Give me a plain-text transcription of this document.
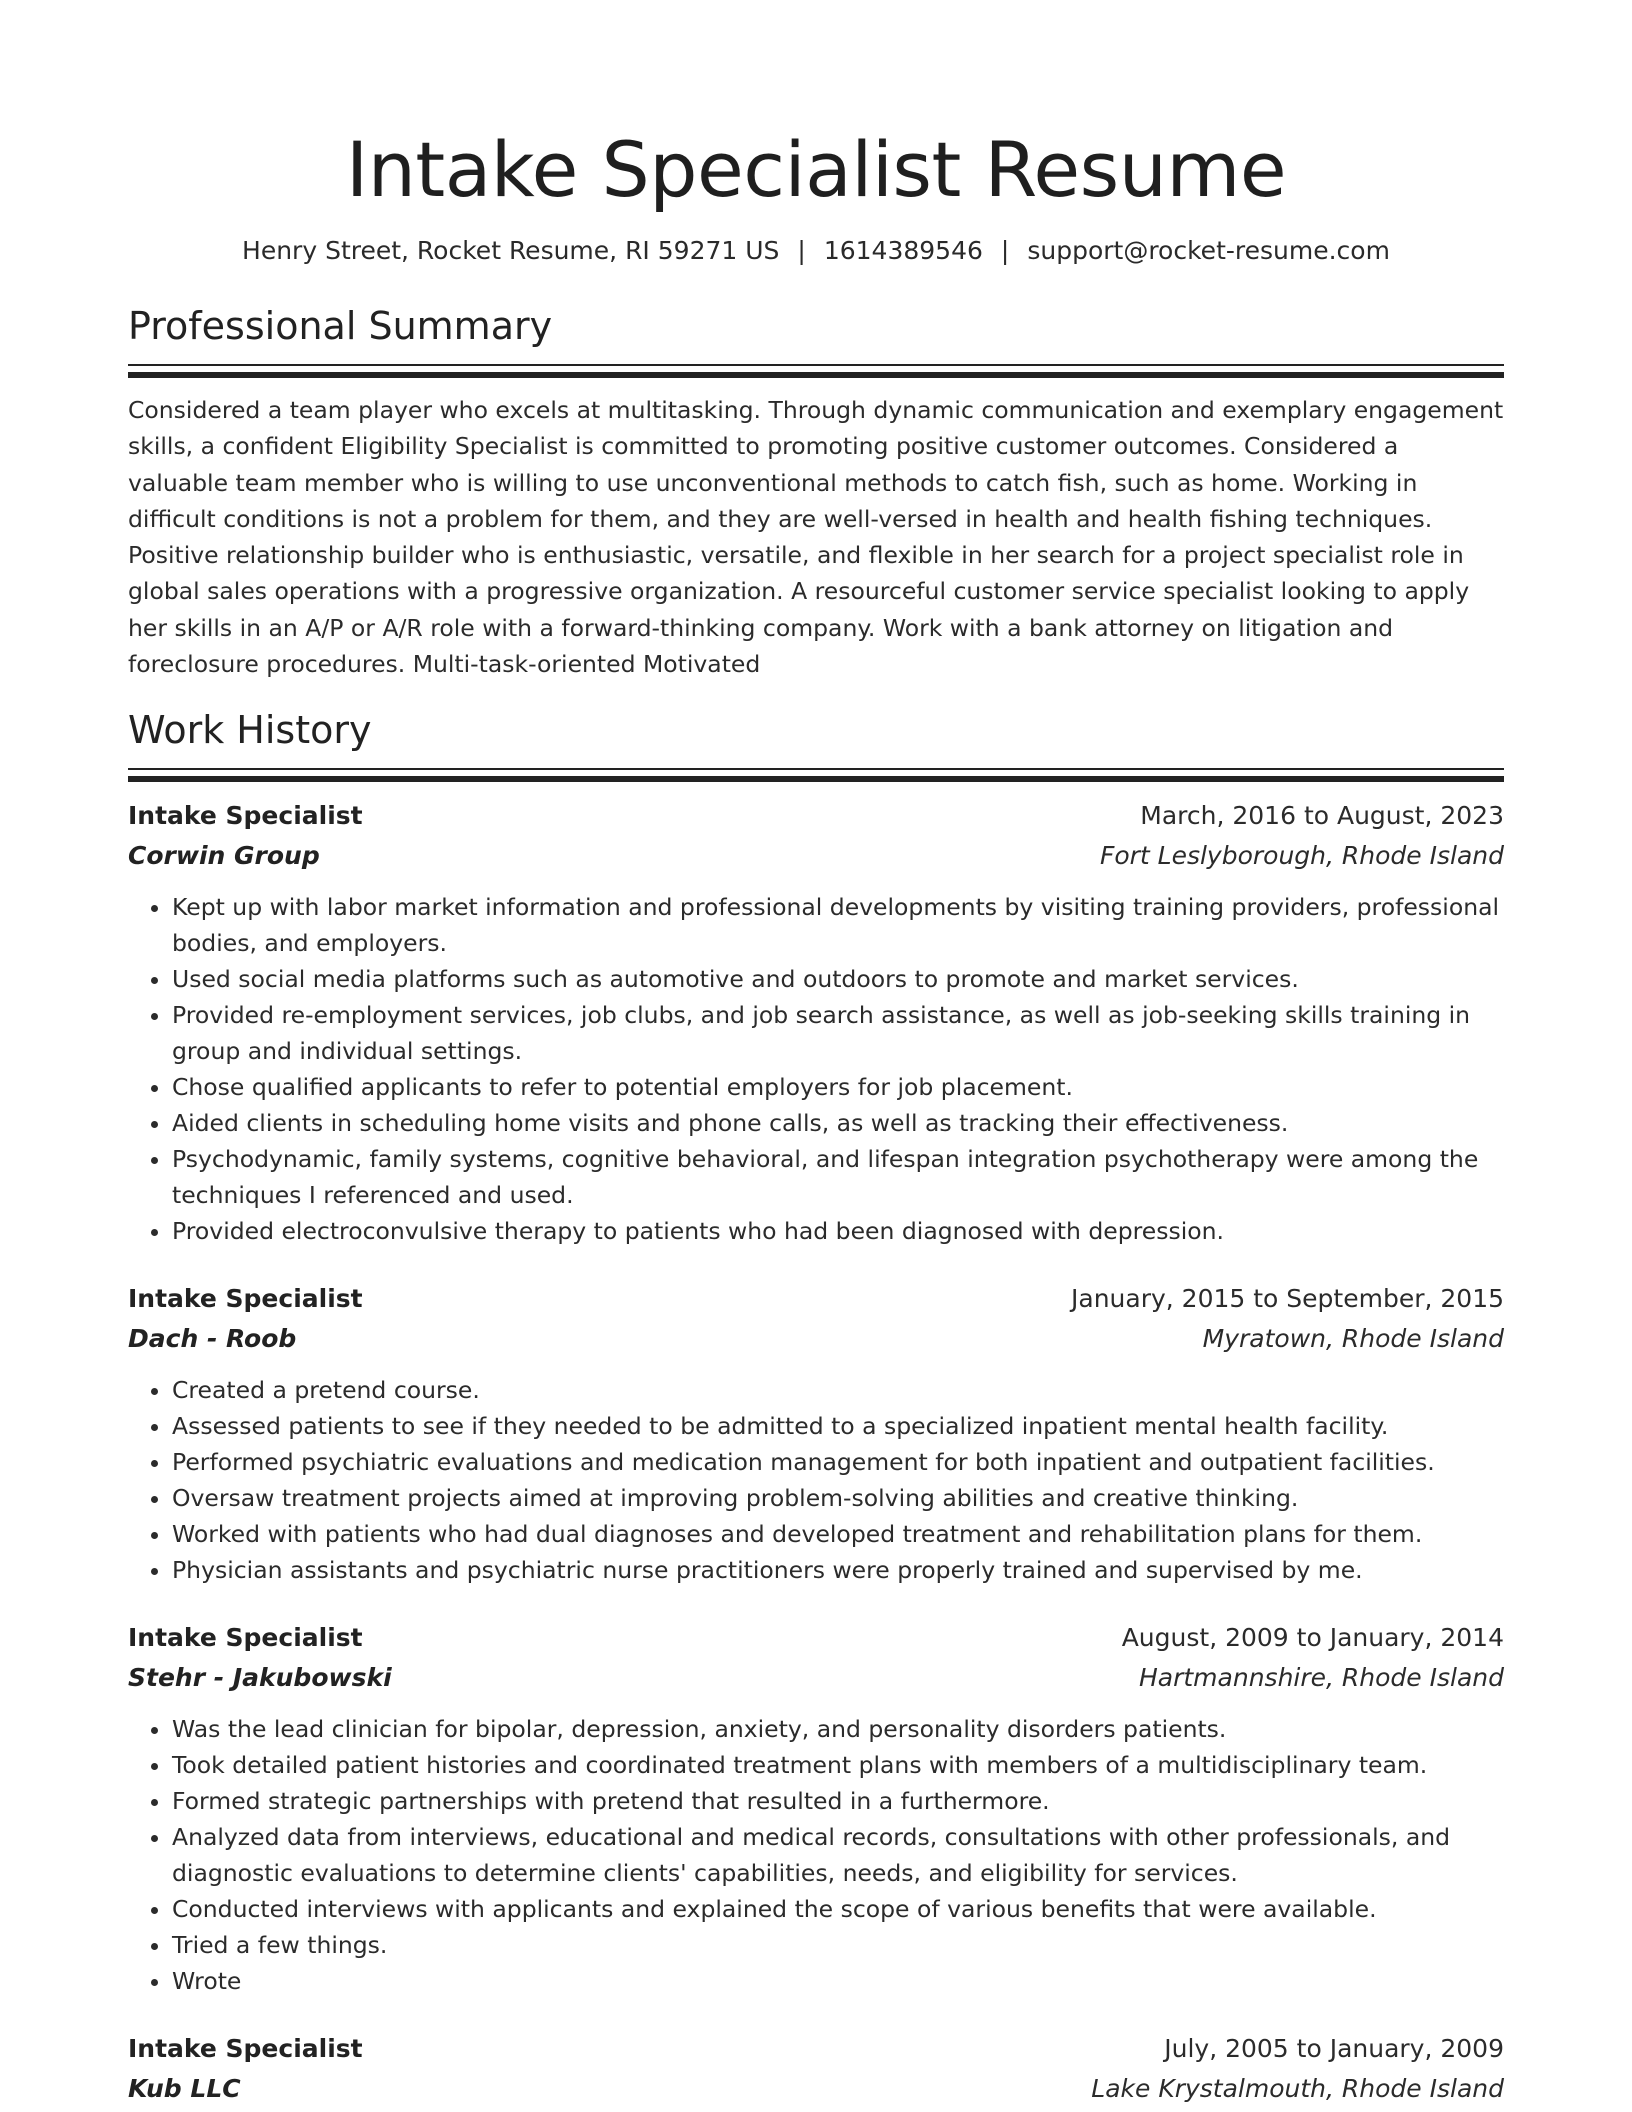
Intake Specialist Resume
Henry Street, Rocket Resume, RI 59271 US | 1614389546 | support@rocket-resume.com
Professional Summary

Considered a team player who excels at multitasking. Through dynamic communication and exemplary engagement skills, a confident Eligibility Specialist is committed to promoting positive customer outcomes. Considered a valuable team member who is willing to use unconventional methods to catch fish, such as home. Working in difficult conditions is not a problem for them, and they are well-versed in health and health fishing techniques. Positive relationship builder who is enthusiastic, versatile, and flexible in her search for a project specialist role in global sales operations with a progressive organization. A resourceful customer service specialist looking to apply her skills in an A/P or A/R role with a forward-thinking company. Work with a bank attorney on litigation and foreclosure procedures. Multi-task-oriented Motivated

Work History
Intake Specialist	March, 2016 to August, 2023
Corwin Group	Fort Leslyborough, Rhode Island
• Kept up with labor market information and professional developments by visiting training providers, professional bodies, and employers.
• Used social media platforms such as automotive and outdoors to promote and market services.
• Provided re-employment services, job clubs, and job search assistance, as well as job-seeking skills training in group and individual settings.
• Chose qualified applicants to refer to potential employers for job placement.
• Aided clients in scheduling home visits and phone calls, as well as tracking their effectiveness.
• Psychodynamic, family systems, cognitive behavioral, and lifespan integration psychotherapy were among the techniques I referenced and used.
• Provided electroconvulsive therapy to patients who had been diagnosed with depression.
Intake Specialist	January, 2015 to September, 2015
Dach - Roob	Myratown, Rhode Island
• Created a pretend course.
• Assessed patients to see if they needed to be admitted to a specialized inpatient mental health facility.
• Performed psychiatric evaluations and medication management for both inpatient and outpatient facilities.
• Oversaw treatment projects aimed at improving problem-solving abilities and creative thinking.
• Worked with patients who had dual diagnoses and developed treatment and rehabilitation plans for them.
• Physician assistants and psychiatric nurse practitioners were properly trained and supervised by me.
Intake Specialist	August, 2009 to January, 2014
Stehr - Jakubowski	Hartmannshire, Rhode Island
• Was the lead clinician for bipolar, depression, anxiety, and personality disorders patients.
• Took detailed patient histories and coordinated treatment plans with members of a multidisciplinary team.
• Formed strategic partnerships with pretend that resulted in a furthermore.
• Analyzed data from interviews, educational and medical records, consultations with other professionals, and diagnostic evaluations to determine clients' capabilities, needs, and eligibility for services.
• Conducted interviews with applicants and explained the scope of various benefits that were available.
• Tried a few things.
• Wrote
Intake Specialist	July, 2005 to January, 2009
Kub LLC	Lake Krystalmouth, Rhode Island
